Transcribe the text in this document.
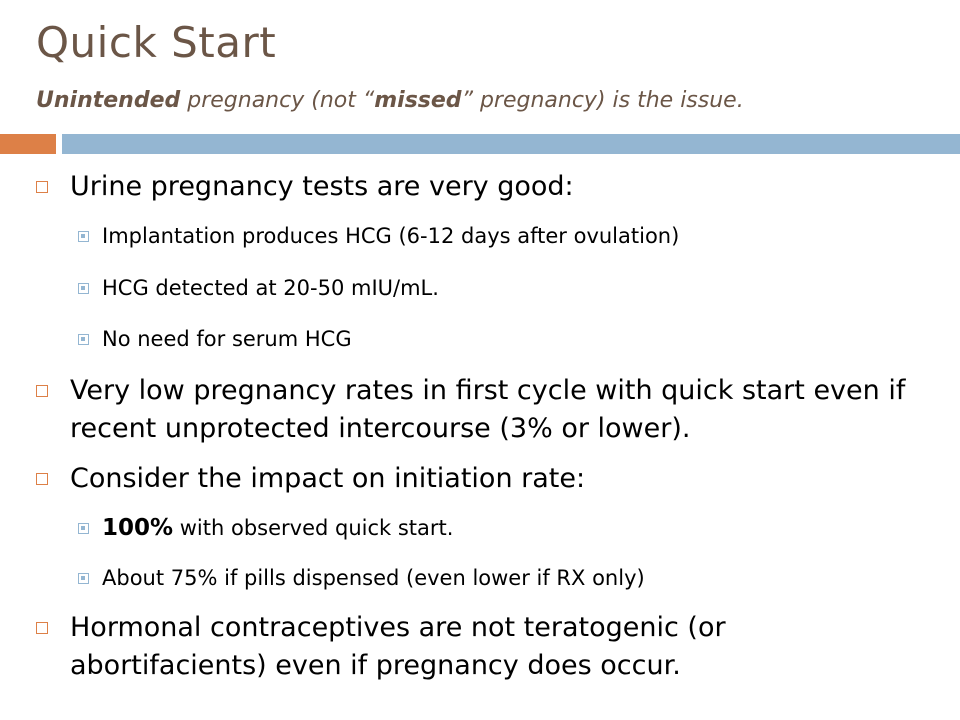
Quick Start

Unintended pregnancy (not “missed” pregnancy) is the issue.

Urine pregnancy tests are very good:

Implantation produces HCG (6-12 days after ovulation)

HCG detected at 20-50 mIU/mL.

No need for serum HCG

Very low pregnancy rates in first cycle with quick start even if recent unprotected intercourse (3% or lower).

Consider the impact on initiation rate:

100% with observed quick start.

About 75% if pills dispensed (even lower if RX only)

Hormonal contraceptives are not teratogenic (or abortifacients) even if pregnancy does occur.
